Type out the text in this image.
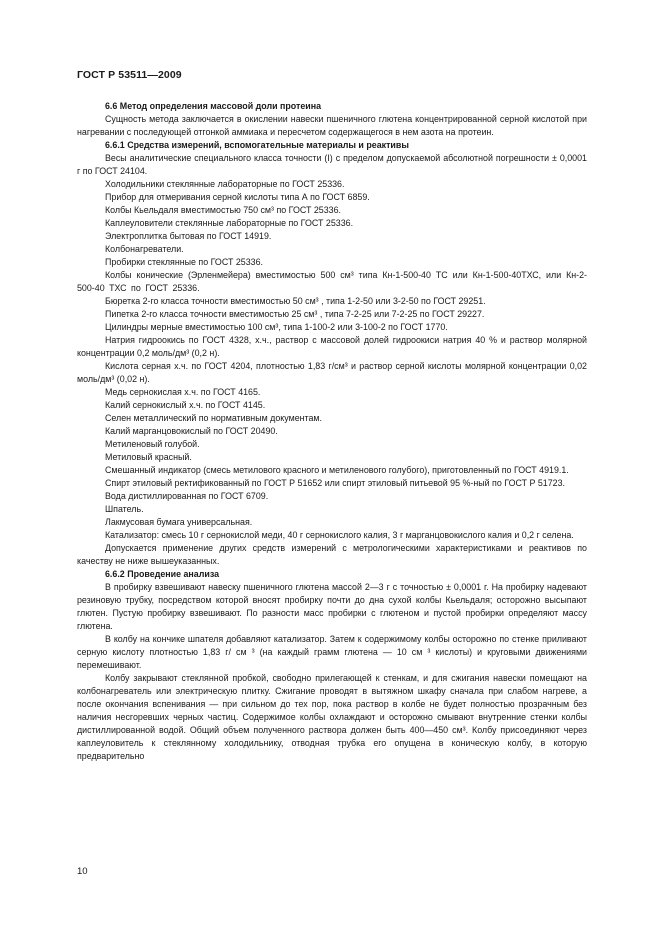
ГОСТ Р 53511—2009

6.6 Метод определения массовой доли протеина

Сущность метода заключается в окислении навески пшеничного глютена концентрированной серной кислотой при нагревании с последующей отгонкой аммиака и пересчетом содержащегося в нем азота на протеин.

6.6.1 Средства измерений, вспомогательные материалы и реактивы

Весы аналитические специального класса точности (I) с пределом допускаемой абсолютной погрешности ± 0,0001 г по ГОСТ 24104.

Холодильники стеклянные лабораторные по ГОСТ 25336.

Прибор для отмеривания серной кислоты типа А по ГОСТ 6859.

Колбы Кьельдаля вместимостью 750 см³ по ГОСТ 25336.

Каплеуловители стеклянные лабораторные по ГОСТ 25336.

Электроплитка бытовая по ГОСТ 14919.

Колбонагреватели.

Пробирки стеклянные по ГОСТ 25336.

Колбы конические (Эрленмейера) вместимостью 500 см³ типа Кн-1-500-40 ТС или Кн-1-500-40ТХС, или Кн-2-500-40 ТХС по ГОСТ 25336.

Бюретка 2-го класса точности вместимостью 50 см³ , типа 1-2-50 или 3-2-50 по ГОСТ 29251.

Пипетка 2-го класса точности вместимостью 25 см³ , типа 7-2-25 или 7-2-25 по ГОСТ 29227.

Цилиндры мерные вместимостью 100 см³, типа 1-100-2 или 3-100-2 по ГОСТ 1770.

Натрия гидроокись по ГОСТ 4328, х.ч., раствор с массовой долей гидроокиси натрия 40 % и раствор молярной концентрации 0,2 моль/дм³ (0,2 н).

Кислота серная х.ч. по ГОСТ 4204, плотностью 1,83 г/см³ и раствор серной кислоты молярной концентрации 0,02 моль/дм³ (0,02 н).

Медь сернокислая х.ч. по ГОСТ 4165.

Калий сернокислый х.ч. по ГОСТ 4145.

Селен металлический по нормативным документам.

Калий марганцовокислый по ГОСТ 20490.

Метиленовый голубой.

Метиловый красный.

Смешанный индикатор (смесь метилового красного и метиленового голубого), приготовленный по ГОСТ 4919.1.

Спирт этиловый ректификованный по ГОСТ Р 51652 или спирт этиловый питьевой 95 %-ный по ГОСТ Р 51723.

Вода дистиллированная по ГОСТ 6709.

Шпатель.

Лакмусовая бумага универсальная.

Катализатор: смесь 10 г сернокислой меди, 40 г сернокислого калия, 3 г марганцовокислого калия и 0,2 г селена.

Допускается применение других средств измерений с метрологическими характеристиками и реактивов по качеству не ниже вышеуказанных.

6.6.2 Проведение анализа

В пробирку взвешивают навеску пшеничного глютена массой 2—3 г с точностью ± 0,0001 г. На пробирку надевают резиновую трубку, посредством которой вносят пробирку почти до дна сухой колбы Кьельдаля; осторожно высыпают глютен. Пустую пробирку взвешивают. По разности масс пробирки с глютеном и пустой пробирки определяют массу глютена.

В колбу на кончике шпателя добавляют катализатор. Затем к содержимому колбы осторожно по стенке приливают серную кислоту плотностью 1,83 г/ см ³ (на каждый грамм глютена — 10 см ³ кислоты) и круговыми движениями перемешивают.

Колбу закрывают стеклянной пробкой, свободно прилегающей к стенкам, и для сжигания навески помещают на колбонагреватель или электрическую плитку. Сжигание проводят в вытяжном шкафу сначала при слабом нагреве, а после окончания вспенивания — при сильном до тех пор, пока раствор в колбе не будет полностью прозрачным без наличия несгоревших черных частиц. Содержимое колбы охлаждают и осторожно смывают внутренние стенки колбы дистиллированной водой. Общий объем полученного раствора должен быть 400—450 см³. Колбу присоединяют через каплеуловитель к стеклянному холодильнику, отводная трубка его опущена в коническую колбу, в которую предварительно

10
